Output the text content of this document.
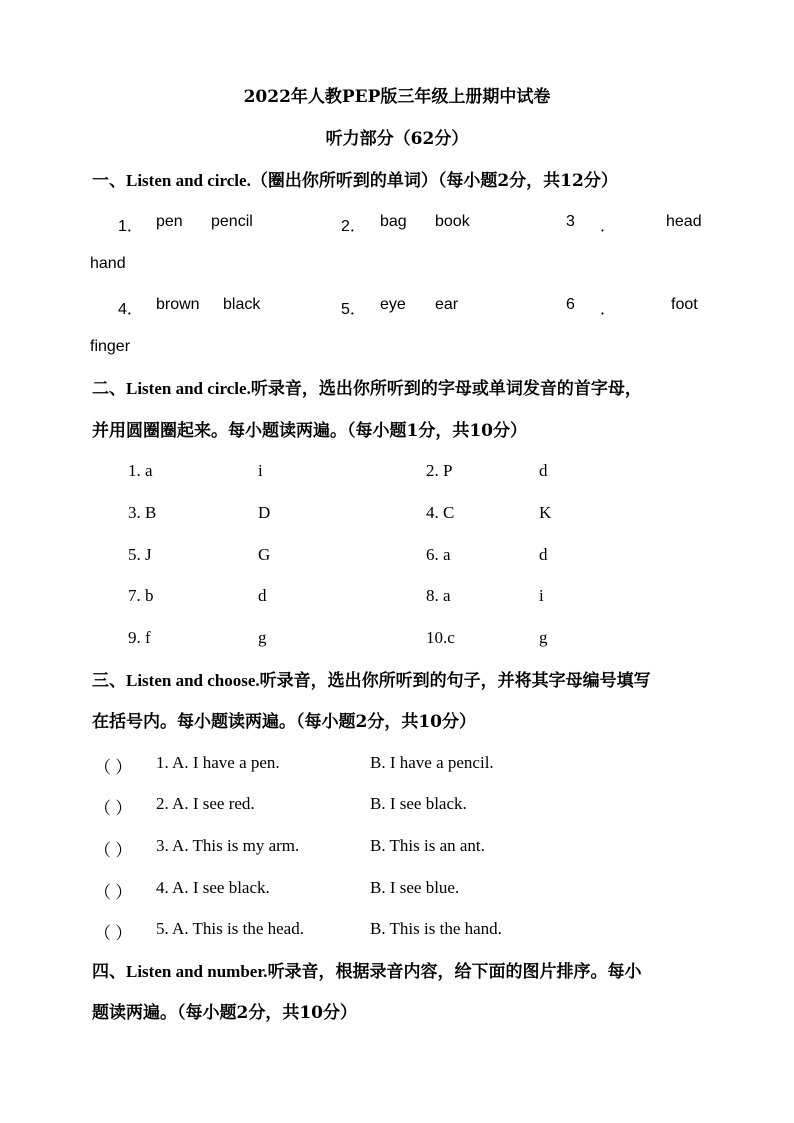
2022年人教PEP版三年级上册期中试卷
听力部分（62分）
一、Listen and circle.（圈出你所听到的单词）（每小题2分，共12分）
1． pen pencil	2． bag book	3 ．	head
hand
4． brown black	5． eye ear	6 ．	foot
finger
二、Listen and circle.听录音，选出你所听到的字母或单词发音的首字母，
并用圆圈圈起来。每小题读两遍。（每小题1分，共10分）
1. a	i	2. P	d
3. B	D	4. C	K
5. J	G	6. a	d
7. b	d	8. a	i
9. f	g	10.c	g
三、Listen and choose.听录音，选出你所听到的句子，并将其字母编号填写
在括号内。每小题读两遍。（每小题2分，共10分）
（ ） 1. A. I have a pen.	B. I have a pencil.
（ ） 2. A. I see red.	B. I see black.
（ ） 3. A. This is my arm.	B. This is an ant.
（ ） 4. A. I see black.	B. I see blue.
（ ） 5. A. This is the head.	B. This is the hand.
四、Listen and number.听录音，根据录音内容，给下面的图片排序。每小
题读两遍。（每小题2分，共10分）
